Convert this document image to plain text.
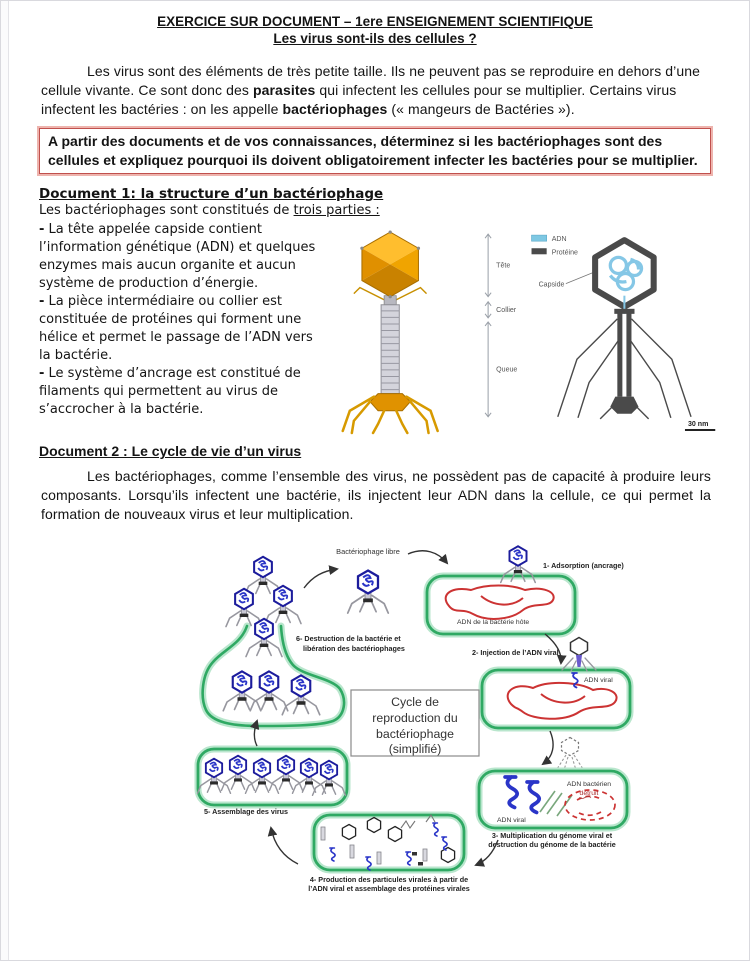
EXERCICE SUR DOCUMENT – 1ere ENSEIGNEMENT SCIENTIFIQUE
Les virus sont-ils des cellules ?

Les virus sont des éléments de très petite taille. Ils ne peuvent pas se reproduire en dehors d’une cellule vivante. Ce sont donc des parasites qui infectent les cellules pour se multiplier. Certains virus infectent les bactéries : on les appelle bactériophages (« mangeurs de Bactéries »).

A partir des documents et de vos connaissances, déterminez si les bactériophages sont des cellules et expliquez pourquoi ils doivent obligatoirement infecter les bactéries pour se multiplier.
Document 1: la structure d’un bactériophage
Les bactériophages sont constitués de trois parties :

- La tête appelée capside contient l’information génétique (ADN) et quelques enzymes mais aucun organite et aucun système de production d’énergie.

- La pièce intermédiaire ou collier est constituée de protéines qui forment une hélice et permet le passage de l’ADN vers la bactérie.

- Le système d’ancrage est constitué de filaments qui permettent au virus de s’accrocher à la bactérie.

Tête
Collier
Queue
ADN
Protéine
Capside
30 nm
Document 2 : Le cycle de vie d’un virus

Les bactériophages, comme l’ensemble des virus, ne possèdent pas de capacité à produire leurs composants. Lorsqu’ils infectent une bactérie, ils injectent leur ADN dans la cellule, ce qui permet la formation de nouveaux virus et leur multiplication.

Bactériophage libre
1- Adsorption (ancrage)
ADN de la bactérie hôte
2- Injection de l’ADN viral
ADN viral
ADN bactérien
détruit
ADN viral
3- Multiplication du génome viral et
destruction du génome de la bactérie
4- Production des particules virales à partir de
l’ADN viral et assemblage des protéines virales
5- Assemblage des virus
6- Destruction de la bactérie et
libération des bactériophages
Cycle de
reproduction du
bactériophage
(simplifié)
